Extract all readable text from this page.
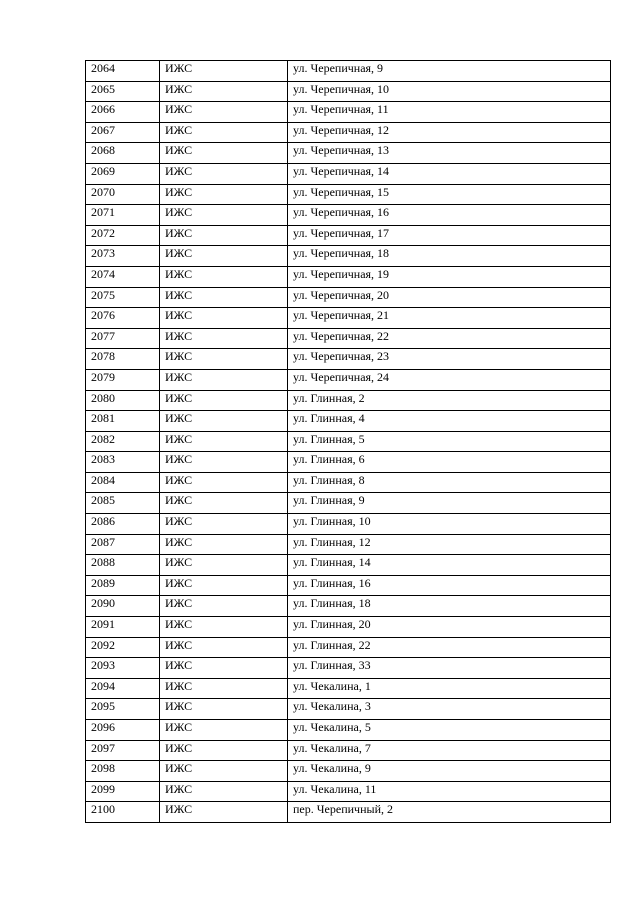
2064	ИЖС	ул. Черепичная, 9
2065	ИЖС	ул. Черепичная, 10
2066	ИЖС	ул. Черепичная, 11
2067	ИЖС	ул. Черепичная, 12
2068	ИЖС	ул. Черепичная, 13
2069	ИЖС	ул. Черепичная, 14
2070	ИЖС	ул. Черепичная, 15
2071	ИЖС	ул. Черепичная, 16
2072	ИЖС	ул. Черепичная, 17
2073	ИЖС	ул. Черепичная, 18
2074	ИЖС	ул. Черепичная, 19
2075	ИЖС	ул. Черепичная, 20
2076	ИЖС	ул. Черепичная, 21
2077	ИЖС	ул. Черепичная, 22
2078	ИЖС	ул. Черепичная, 23
2079	ИЖС	ул. Черепичная, 24
2080	ИЖС	ул. Глинная, 2
2081	ИЖС	ул. Глинная, 4
2082	ИЖС	ул. Глинная, 5
2083	ИЖС	ул. Глинная, 6
2084	ИЖС	ул. Глинная, 8
2085	ИЖС	ул. Глинная, 9
2086	ИЖС	ул. Глинная, 10
2087	ИЖС	ул. Глинная, 12
2088	ИЖС	ул. Глинная, 14
2089	ИЖС	ул. Глинная, 16
2090	ИЖС	ул. Глинная, 18
2091	ИЖС	ул. Глинная, 20
2092	ИЖС	ул. Глинная, 22
2093	ИЖС	ул. Глинная, 33
2094	ИЖС	ул. Чекалина, 1
2095	ИЖС	ул. Чекалина, 3
2096	ИЖС	ул. Чекалина, 5
2097	ИЖС	ул. Чекалина, 7
2098	ИЖС	ул. Чекалина, 9
2099	ИЖС	ул. Чекалина, 11
2100	ИЖС	пер. Черепичный, 2
